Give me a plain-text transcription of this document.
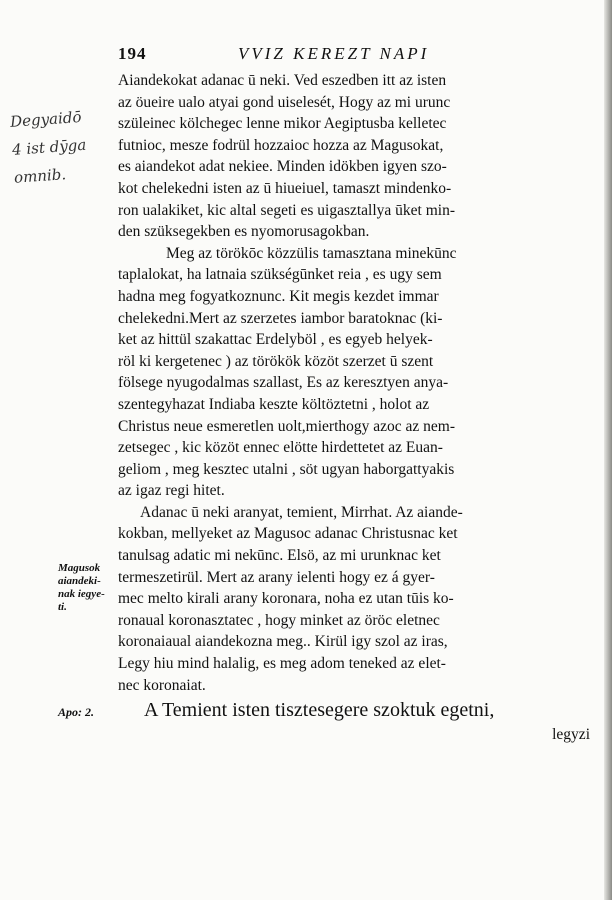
194	VVIZ KEREZT NAPI
Degyaidō
4 ist dȳga
omnib.
Magusok
aiandeki-
nak iegye-
ti.
Apo: 2.
Aiandekokat adanac ū neki. Ved eszedben itt az isten
az öueire ualo atyai gond uiselesét, Hogy az mi urunc
szüleinec kölchegec lenne mikor Aegiptusba kelletec
futnioc, mesze fodrül hozzaioc hozza az Magusokat,
es aiandekot adat nekiee. Minden idökben igyen szo-
kot chelekedni isten az ū hiueiuel, tamaszt mindenko-
ron ualakiket, kic altal segeti es uigasztallya ūket min-
den szüksegekben es nyomorusagokban.
Meg az törökōc közzülis tamasztana minekūnc
taplalokat, ha latnaia szükségūnket reia , es ugy sem
hadna meg fogyatkoznunc. Kit megis kezdet immar
chelekedni.Mert az szerzetes iambor baratoknac (ki-
ket az hittül szakattac Erdelyböl , es egyeb helyek-
röl ki kergetenec ) az törökök közöt szerzet ū szent
fölsege nyugodalmas szallast, Es az keresztyen anya-
szentegyhazat Indiaba keszte költöztetni , holot az
Christus neue esmeretlen uolt,mierthogy azoc az nem-
zetsegec , kic közöt ennec elötte hirdettetet az Euan-
geliom , meg kesztec utalni , söt ugyan haborgattyakis
az igaz regi hitet.
Adanac ū neki aranyat, temient, Mirrhat. Az aiande-
kokban, mellyeket az Magusoc adanac Christusnac ket
tanulsag adatic mi nekūnc. Elsö, az mi urunknac ket
termeszetirül. Mert az arany ielenti hogy ez á gyer-
mec melto kirali arany koronara, noha ez utan tūis ko-
ronaual koronasztatec , hogy minket az öröc eletnec
koronaiaual aiandekozna meg.. Kirül igy szol az iras,
Legy hiu mind halalig, es meg adom teneked az elet-
nec koronaiat.
A Temient isten tisztesegere szoktuk egetni,
legyzi
